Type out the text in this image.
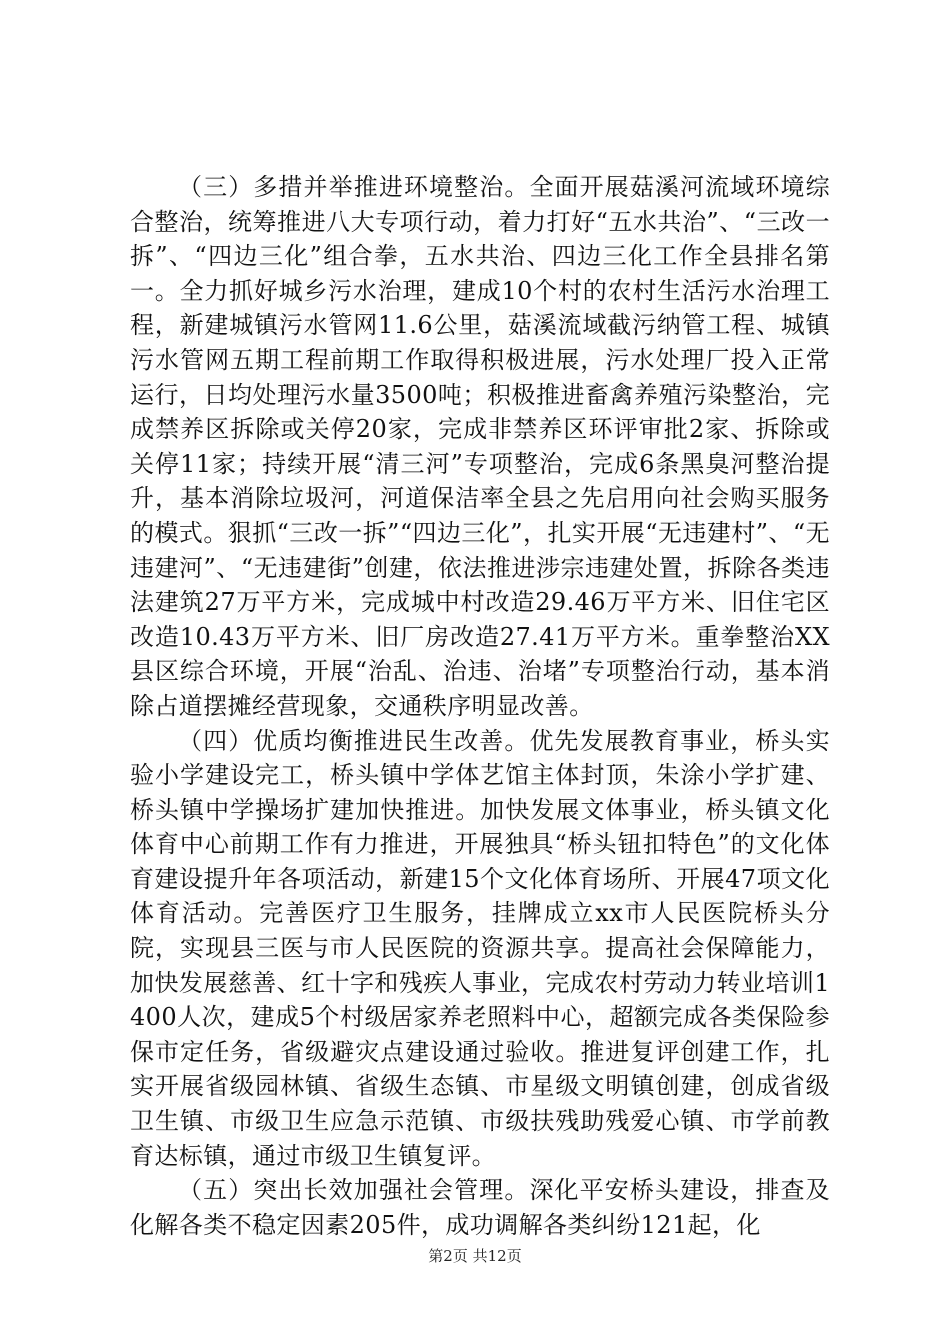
（三）多措并举推进环境整治。全面开展菇溪河流域环境综合整治，统筹推进八大专项行动，着力打好“五水共治”、“三改一拆”、“四边三化”组合拳，五水共治、四边三化工作全县排名第一。全力抓好城乡污水治理，建成10个村的农村生活污水治理工程，新建城镇污水管网11.6公里，菇溪流域截污纳管工程、城镇污水管网五期工程前期工作取得积极进展，污水处理厂投入正常运行，日均处理污水量3500吨；积极推进畜禽养殖污染整治，完成禁养区拆除或关停20家，完成非禁养区环评审批2家、拆除或关停11家；持续开展“清三河”专项整治，完成6条黑臭河整治提升，基本消除垃圾河，河道保洁率全县之先启用向社会购买服务的模式。狠抓“三改一拆”“四边三化”，扎实开展“无违建村”、“无违建河”、“无违建街”创建，依法推进涉宗违建处置，拆除各类违法建筑27万平方米，完成城中村改造29.46万平方米、旧住宅区改造10.43万平方米、旧厂房改造27.41万平方米。重拳整治XX县区综合环境，开展“治乱、治违、治堵”专项整治行动，基本消除占道摆摊经营现象，交通秩序明显改善。

（四）优质均衡推进民生改善。优先发展教育事业，桥头实验小学建设完工，桥头镇中学体艺馆主体封顶，朱涂小学扩建、桥头镇中学操场扩建加快推进。加快发展文体事业，桥头镇文化体育中心前期工作有力推进，开展独具“桥头钮扣特色”的文化体育建设提升年各项活动，新建15个文化体育场所、开展47项文化体育活动。完善医疗卫生服务，挂牌成立xx市人民医院桥头分院，实现县三医与市人民医院的资源共享。提高社会保障能力，加快发展慈善、红十字和残疾人事业，完成农村劳动力转业培训1400人次，建成5个村级居家养老照料中心，超额完成各类保险参保市定任务，省级避灾点建设通过验收。推进复评创建工作，扎实开展省级园林镇、省级生态镇、市星级文明镇创建，创成省级卫生镇、市级卫生应急示范镇、市级扶残助残爱心镇、市学前教育达标镇，通过市级卫生镇复评。

（五）突出长效加强社会管理。深化平安桥头建设，排查及化解各类不稳定因素205件，成功调解各类纠纷121起，化

第2页 共12页
